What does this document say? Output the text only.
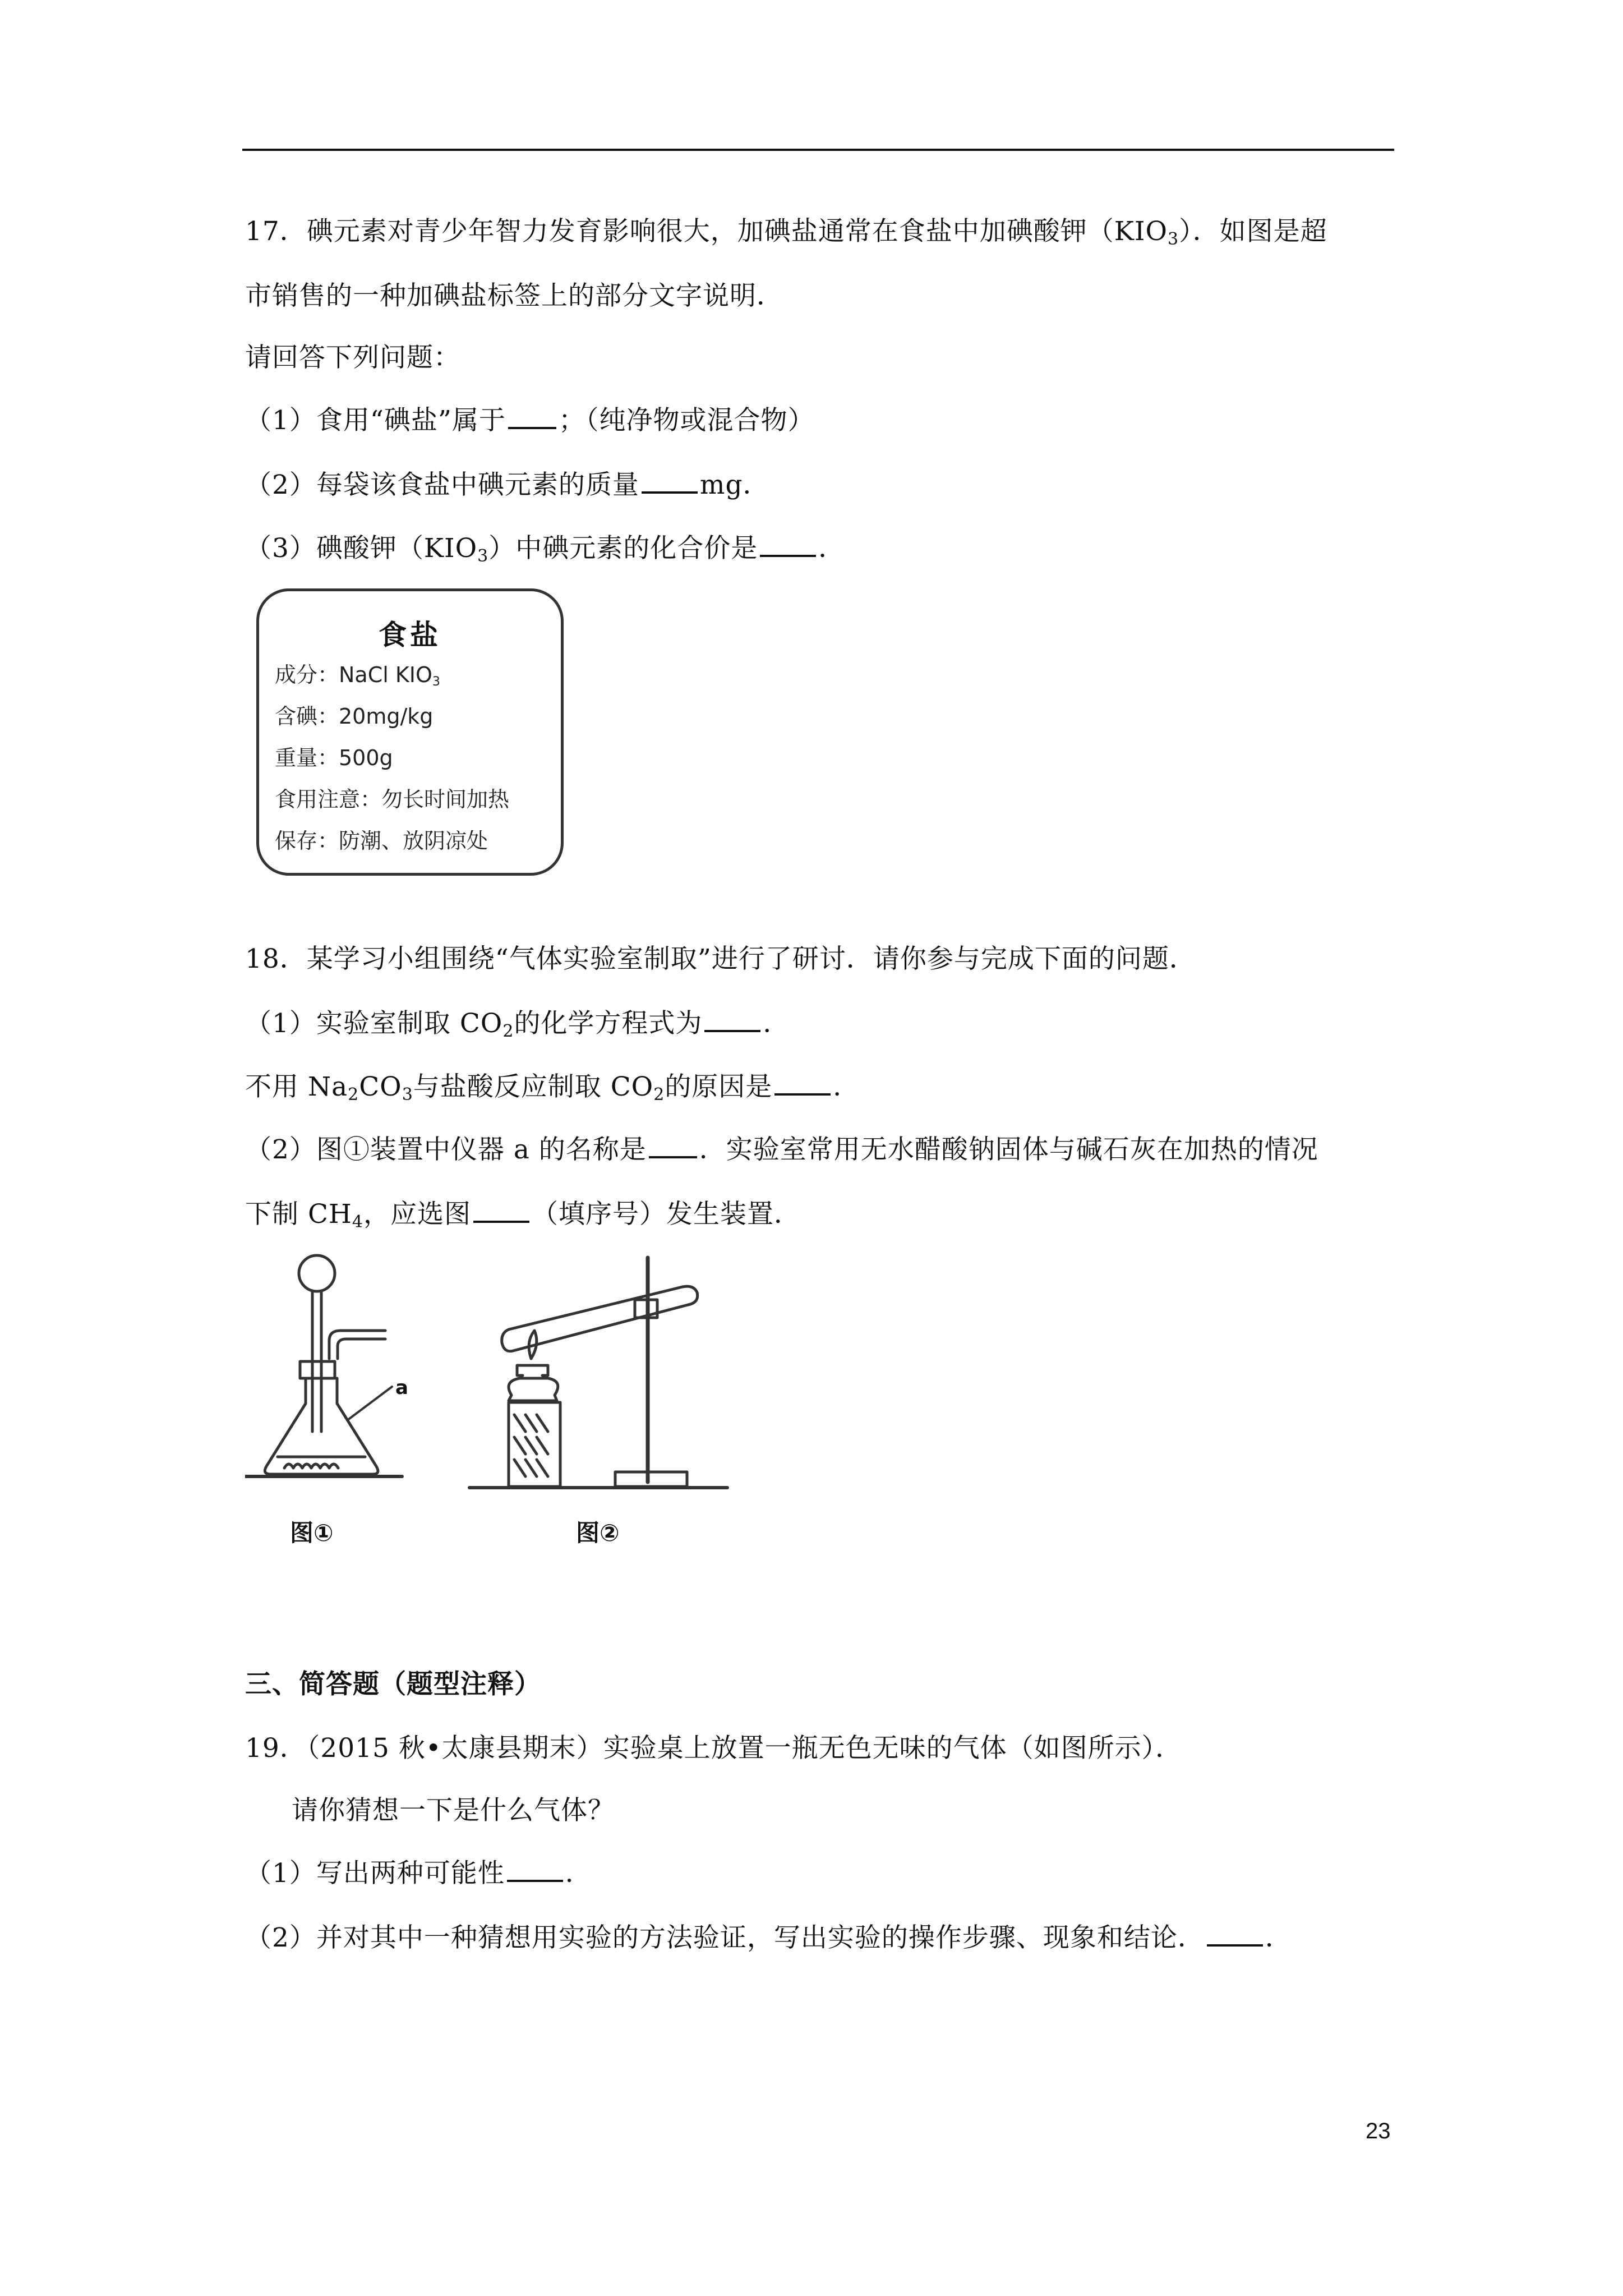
17．碘元素对青少年智力发育影响很大，加碘盐通常在食盐中加碘酸钾$(KIO_3)$．如图是超
市销售的一种加碘盐标签上的部分文字说明．
请回答下列问题：
（1）食用“碘盐”属于 ；（纯净物或混合物）
（2）每袋该食盐中碘元素的质量 mg．
（3）碘酸钾$(KIO_3)$中碘元素的化合价是 ．
食盐
成分：NaCl $KIO_3$
含碘：20mg/kg
重量：500g
食用注意：勿长时间加热
保存：防潮、放阴凉处
18．某学习小组围绕“气体实验室制取”进行了研讨．请你参与完成下面的问题．
（1）实验室制取 $CO_2$的化学方程式为 ．
不用 $Na_2CO_3$与盐酸反应制取 $CO_2$的原因是 ．
（2）图①装置中仪器 a 的名称是 ．实验室常用无水醋酸钠固体与碱石灰在加热的情况
下制 $CH_4$，应选图 （填序号）发生装置．
a
图①	图②
三、简答题（题型注释）
19．（2015 秋•太康县期末）实验桌上放置一瓶无色无味的气体（如图所示）．
请你猜想一下是什么气体？
（1）写出两种可能性 ．
（2）并对其中一种猜想用实验的方法验证，写出实验的操作步骤、现象和结论． ．
23
